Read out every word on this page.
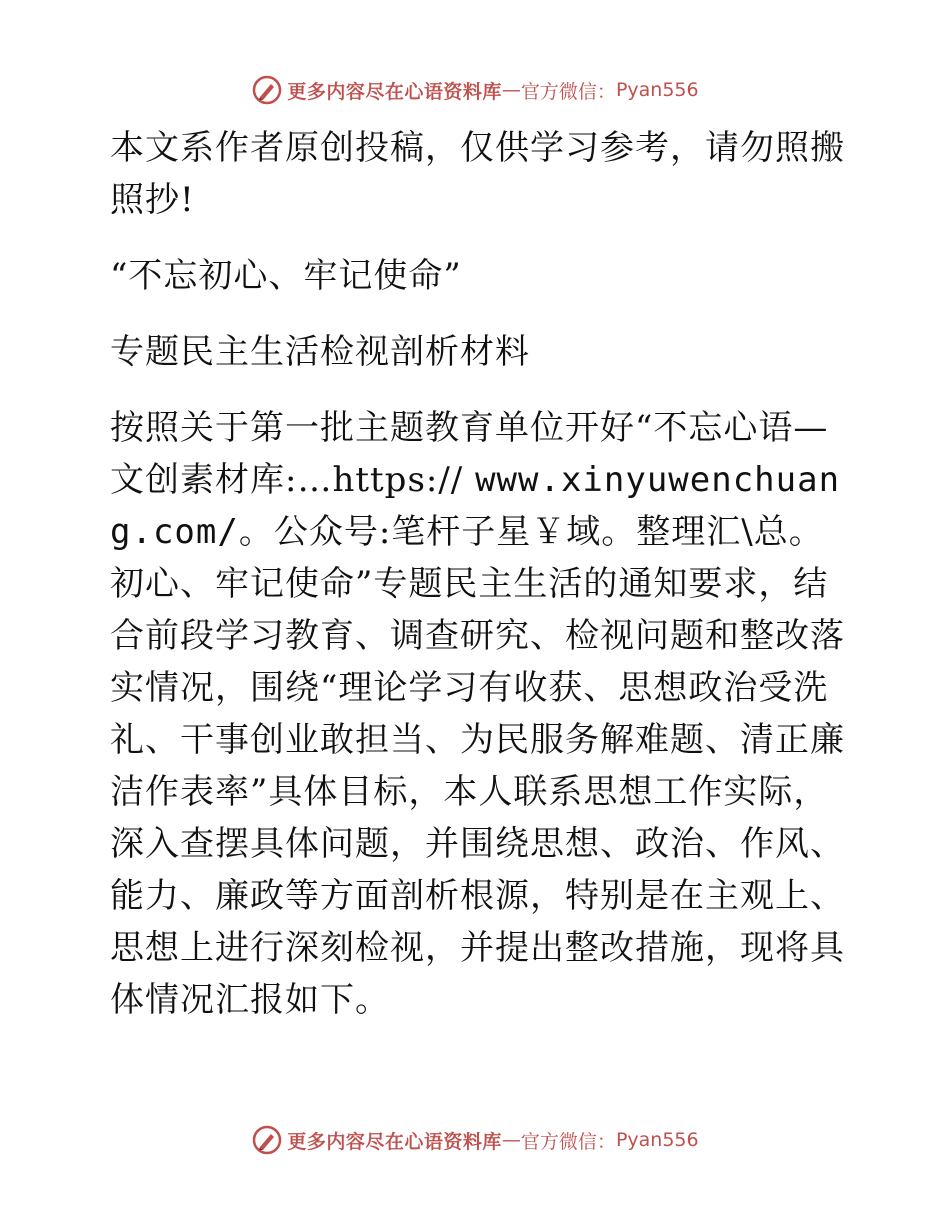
更多内容尽在心语资料库 — 官方微信： Pyan556

本文系作者原创投稿，仅供学习参考，请勿照搬照抄!

“不忘初心、牢记使命”

专题民主生活检视剖析材料

按照关于第一批主题教育单位开好“不忘心语—文创素材库:…https:// www.xinyuwenchuang.com/。公众号:笔杆子星￥域。整理汇\总。初心、牢记使命”专题民主生活的通知要求，结合前段学习教育、调查研究、检视问题和整改落实情况，围绕“理论学习有收获、思想政治受洗礼、干事创业敢担当、为民服务解难题、清正廉洁作表率”具体目标，本人联系思想工作实际，深入查摆具体问题，并围绕思想、政治、作风、能力、廉政等方面剖析根源，特别是在主观上、思想上进行深刻检视，并提出整改措施，现将具体情况汇报如下。

更多内容尽在心语资料库 — 官方微信： Pyan556
